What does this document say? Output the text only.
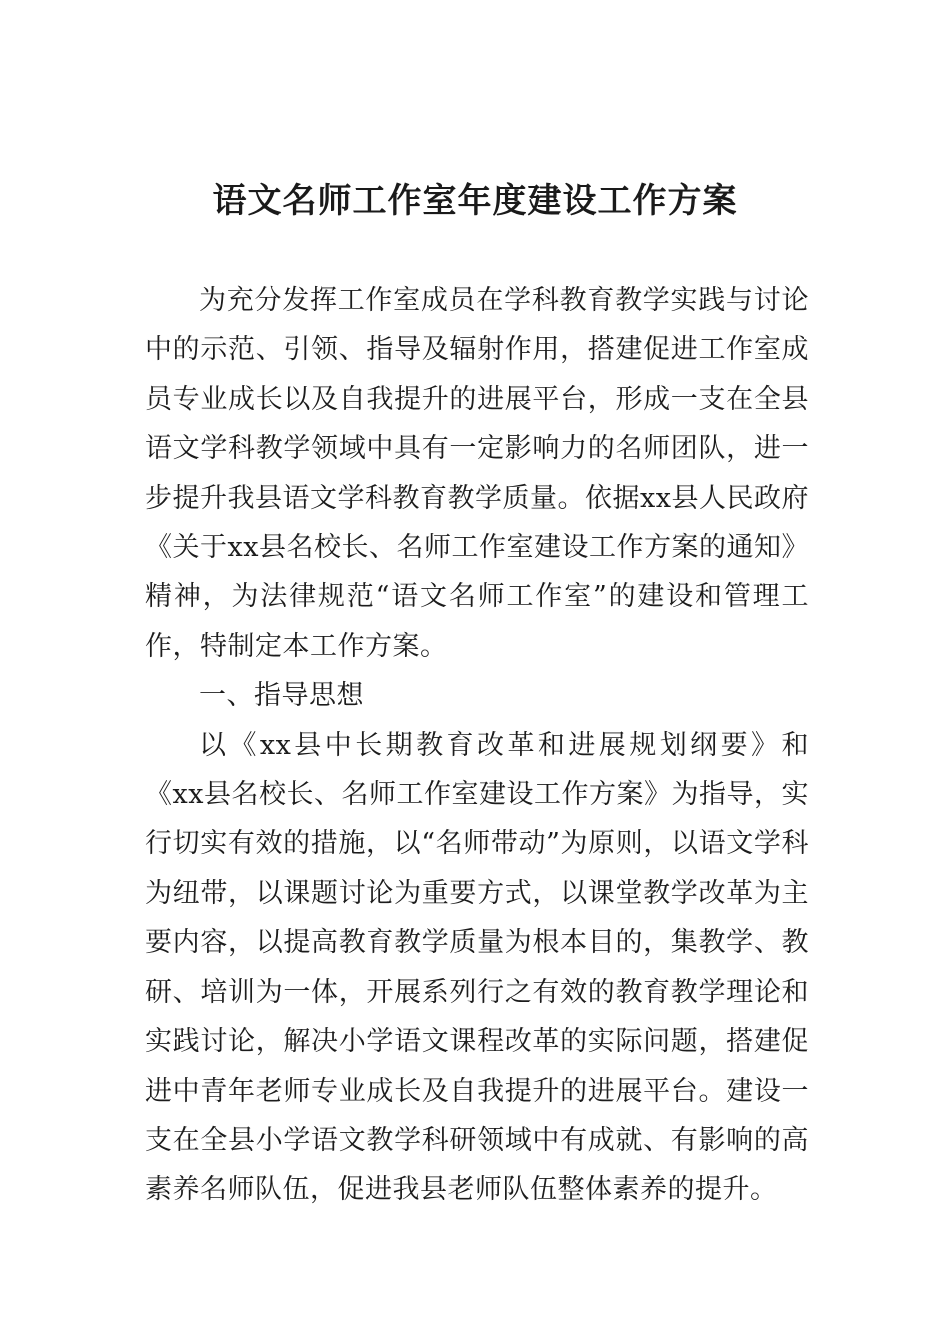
语文名师工作室年度建设工作方案

为充分发挥工作室成员在学科教育教学实践与讨论中的示范、引领、指导及辐射作用，搭建促进工作室成员专业成长以及自我提升的进展平台，形成一支在全县语文学科教学领域中具有一定影响力的名师团队，进一步提升我县语文学科教育教学质量。依据xx县人民政府《关于xx县名校长、名师工作室建设工作方案的通知》精神，为法律规范“语文名师工作室”的建设和管理工作，特制定本工作方案。

一、指导思想

以《xx县中长期教育改革和进展规划纲要》和《xx县名校长、名师工作室建设工作方案》为指导，实行切实有效的措施，以“名师带动”为原则，以语文学科为纽带，以课题讨论为重要方式，以课堂教学改革为主要内容，以提高教育教学质量为根本目的，集教学、教研、培训为一体，开展系列行之有效的教育教学理论和实践讨论，解决小学语文课程改革的实际问题，搭建促进中青年老师专业成长及自我提升的进展平台。建设一支在全县小学语文教学科研领域中有成就、有影响的高素养名师队伍，促进我县老师队伍整体素养的提升。
